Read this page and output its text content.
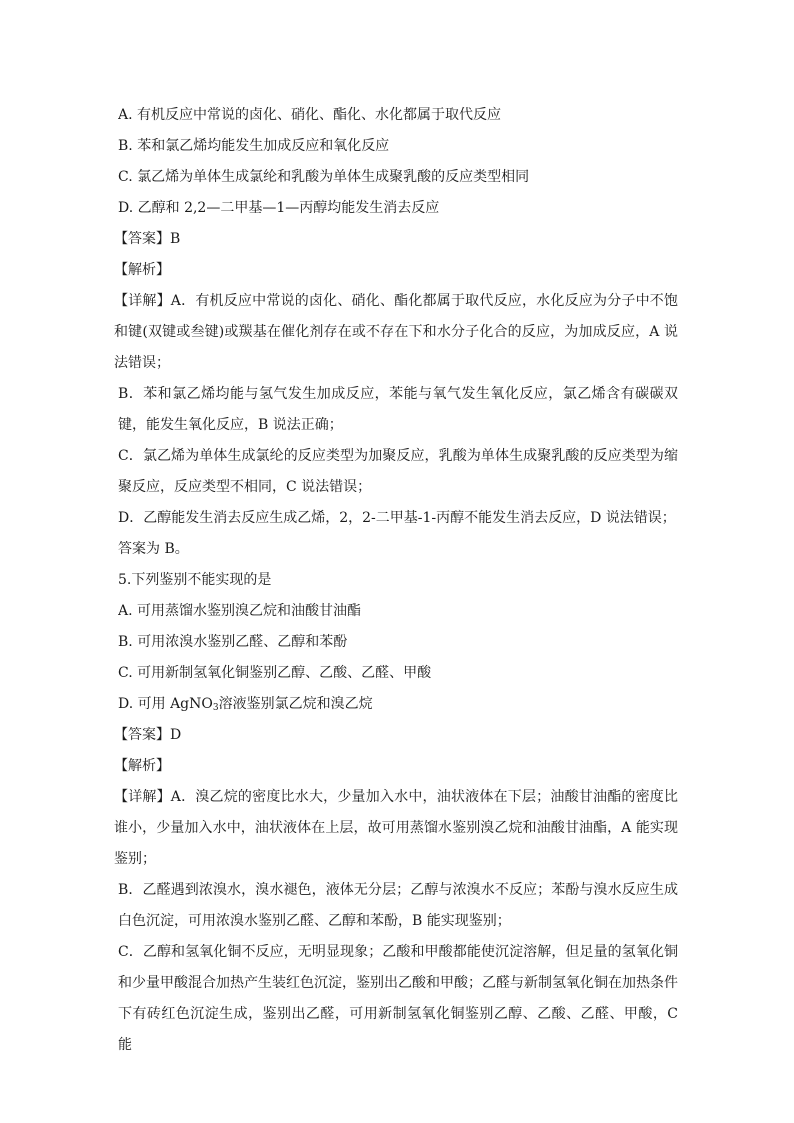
A. 有机反应中常说的卤化、硝化、酯化、水化都属于取代反应
B. 苯和氯乙烯均能发生加成反应和氧化反应
C. 氯乙烯为单体生成氯纶和乳酸为单体生成聚乳酸的反应类型相同
D. 乙醇和 2,2—二甲基—1—丙醇均能发生消去反应
【答案】B
【解析】
【详解】A．有机反应中常说的卤化、硝化、酯化都属于取代反应，水化反应为分子中不饱和键(双键或叁键)或羰基在催化剂存在或不存在下和水分子化合的反应，为加成反应，A 说法错误；
B．苯和氯乙烯均能与氢气发生加成反应，苯能与氧气发生氧化反应，氯乙烯含有碳碳双键，能发生氧化反应，B 说法正确；
C．氯乙烯为单体生成氯纶的反应类型为加聚反应，乳酸为单体生成聚乳酸的反应类型为缩聚反应，反应类型不相同，C 说法错误；
D．乙醇能发生消去反应生成乙烯，2，2-二甲基-1-丙醇不能发生消去反应，D 说法错误；
答案为 B。
5.下列鉴别不能实现的是
A. 可用蒸馏水鉴别溴乙烷和油酸甘油酯
B. 可用浓溴水鉴别乙醛、乙醇和苯酚
C. 可用新制氢氧化铜鉴别乙醇、乙酸、乙醛、甲酸
D. 可用 AgNO$_3$溶液鉴别氯乙烷和溴乙烷
【答案】D
【解析】
【详解】A．溴乙烷的密度比水大，少量加入水中，油状液体在下层；油酸甘油酯的密度比谁小，少量加入水中，油状液体在上层，故可用蒸馏水鉴别溴乙烷和油酸甘油酯，A 能实现鉴别；
B．乙醛遇到浓溴水，溴水褪色，液体无分层；乙醇与浓溴水不反应；苯酚与溴水反应生成白色沉淀，可用浓溴水鉴别乙醛、乙醇和苯酚，B 能实现鉴别；
C．乙醇和氢氧化铜不反应，无明显现象；乙酸和甲酸都能使沉淀溶解，但足量的氢氧化铜和少量甲酸混合加热产生装红色沉淀，鉴别出乙酸和甲酸；乙醛与新制氢氧化铜在加热条件下有砖红色沉淀生成，鉴别出乙醛，可用新制氢氧化铜鉴别乙醇、乙酸、乙醛、甲酸，C 能
